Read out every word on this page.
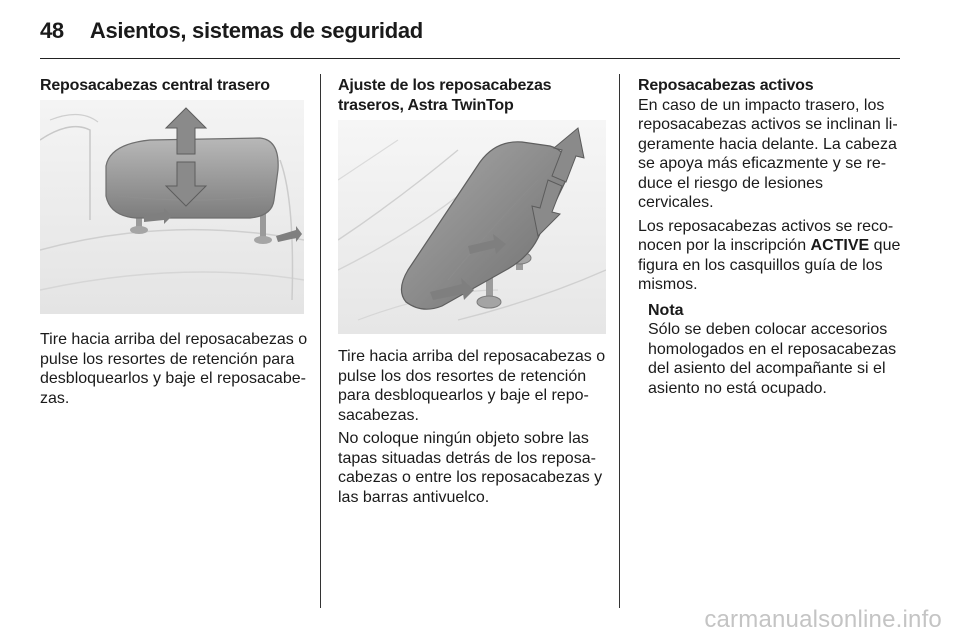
48 Asientos, sistemas de seguridad
Reposacabezas central trasero

Tire hacia arriba del reposacabezas o pulse los resortes de retención para desbloquearlos y baje el reposacabezas.

Ajuste de los reposacabezas
traseros, Astra TwinTop

Tire hacia arriba del reposacabezas o pulse los dos resortes de retención para desbloquearlos y baje el reposacabezas.

No coloque ningún objeto sobre las tapas situadas detrás de los reposacabezas o entre los reposacabezas y las barras antivuelco.

Reposacabezas activos

En caso de un impacto trasero, los reposacabezas activos se inclinan ligeramente hacia delante. La cabeza se apoya más eficazmente y se reduce el riesgo de lesiones cervicales.

Los reposacabezas activos se reconocen por la inscripción ACTIVE que figura en los casquillos guía de los mismos.

Nota

Sólo se deben colocar accesorios homologados en el reposacabezas del asiento del acompañante si el asiento no está ocupado.

carmanualsonline.info
